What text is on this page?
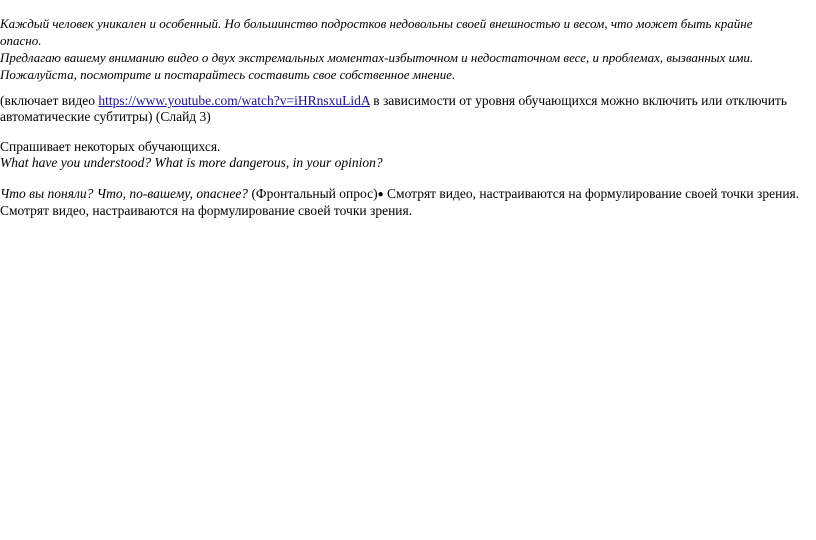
Каждый человек уникален и особенный. Но большинство подростков недовольны своей внешностью и весом, что может быть крайне
опасно.
Предлагаю вашему вниманию видео о двух экстремальных моментах-избыточном и недостаточном весе, и проблемах, вызванных ими.
Пожалуйста, посмотрите и постарайтесь составить свое собственное мнение.
(включает видео https://www.youtube.com/watch?v=iHRnsxuLidA в зависимости от уровня обучающихся можно включить или отключить
автоматические субтитры) (Слайд 3)
Спрашивает некоторых обучающихся.
What have you understood? What is more dangerous, in your opinion?
Что вы поняли? Что, по-вашему, опаснее? (Фронтальный опрос)● Смотрят видео, настраиваются на формулирование своей точки зрения.
Смотрят видео, настраиваются на формулирование своей точки зрения.
